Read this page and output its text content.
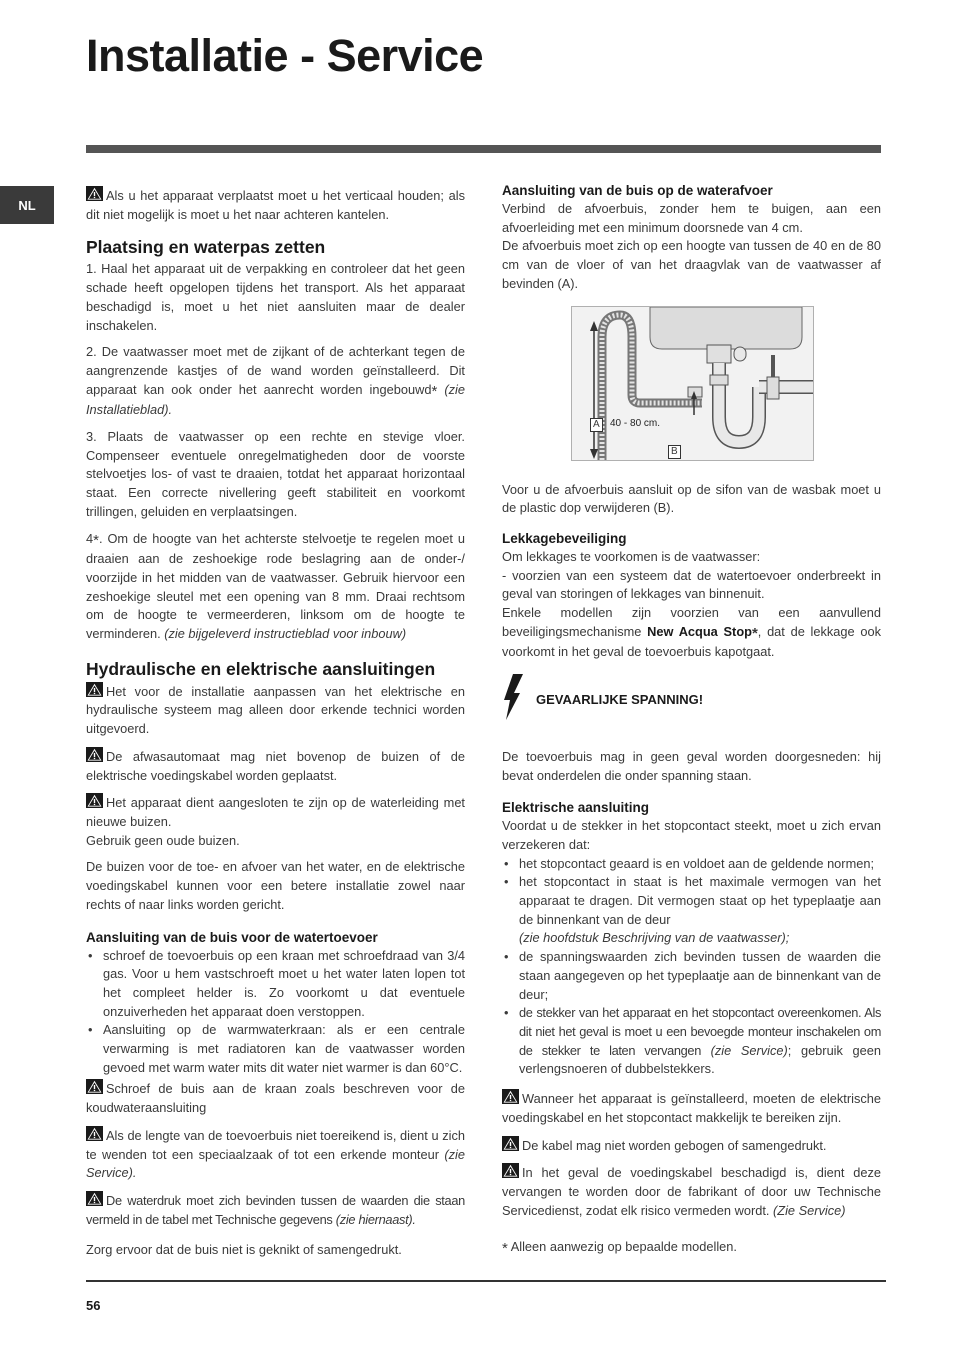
Installatie - Service
NL

Als u het apparaat verplaatst moet u het verticaal houden; als dit niet mogelijk is moet u het naar achteren kantelen.

Plaatsing en waterpas zetten

1. Haal het apparaat uit de verpakking en controleer dat het geen schade heeft opgelopen tijdens het transport. Als het apparaat beschadigd is, moet u het niet aansluiten maar de dealer inschakelen.

2. De vaatwasser moet met de zijkant of de achterkant tegen de aangrenzende kastjes of de wand worden geïnstalleerd. Dit apparaat kan ook onder het aanrecht worden ingebouwd* (zie Installatieblad).

3. Plaats de vaatwasser op een rechte en stevige vloer. Compenseer eventuele onregelmatigheden door de voorste stelvoetjes los- of vast te draaien, totdat het apparaat horizontaal staat. Een correcte nivellering geeft stabiliteit en voorkomt trillingen, geluiden en verplaatsingen.

4*. Om de hoogte van het achterste stelvoetje te regelen moet u draaien aan de zeshoekige rode beslagring aan de onder-/ voorzijde in het midden van de vaatwasser. Gebruik hiervoor een zeshoekige sleutel met een opening van 8 mm. Draai rechtsom om de hoogte te vermeerderen, linksom om de hoogte te verminderen. (zie bijgeleverd instructieblad voor inbouw)

Hydraulische en elektrische aansluitingen

Het voor de installatie aanpassen van het elektrische en hydraulische systeem mag alleen door erkende technici worden uitgevoerd.

De afwasautomaat mag niet bovenop de buizen of de elektrische voedingskabel worden geplaatst.

Het apparaat dient aangesloten te zijn op de waterleiding met nieuwe buizen.

Gebruik geen oude buizen.

De buizen voor de toe- en afvoer van het water, en de elektrische voedingskabel kunnen voor een betere installatie zowel naar rechts of naar links worden gericht.

Aansluiting van de buis voor de watertoevoer
• schroef de toevoerbuis op een kraan met schroefdraad van 3/4 gas. Voor u hem vastschroeft moet u het water laten lopen tot het compleet helder is. Zo voorkomt u dat eventuele onzuiverheden het apparaat doen verstoppen.
• Aansluiting op de warmwaterkraan: als er een centrale verwarming is met radiatoren kan de vaatwasser worden gevoed met warm water mits dit water niet warmer is dan 60°C.

Schroef de buis aan de kraan zoals beschreven voor de koudwateraansluiting

Als de lengte van de toevoerbuis niet toereikend is, dient u zich te wenden tot een speciaalzaak of tot een erkende monteur (zie Service).

De waterdruk moet zich bevinden tussen de waarden die staan vermeld in de tabel met Technische gegevens (zie hiernaast).

Zorg ervoor dat de buis niet is geknikt of samengedrukt.

Aansluiting van de buis op de waterafvoer

Verbind de afvoerbuis, zonder hem te buigen, aan een afvoerleiding met een minimum doorsnede van 4 cm.

De afvoerbuis moet zich op een hoogte van tussen de 40 en de 80 cm van de vloer of van het draagvlak van de vaatwasser af bevinden (A).

A	40 - 80 cm.
B

Voor u de afvoerbuis aansluit op de sifon van de wasbak moet u de plastic dop verwijderen (B).

Lekkagebeveiliging

Om lekkages te voorkomen is de vaatwasser:

- voorzien van een systeem dat de watertoevoer onderbreekt in geval van storingen of lekkages van binnenuit.

Enkele modellen zijn voorzien van een aanvullend beveiligingsmechanisme New Acqua Stop*, dat de lekkage ook voorkomt in het geval de toevoerbuis kapotgaat.

GEVAARLIJKE SPANNING!

De toevoerbuis mag in geen geval worden doorgesneden: hij bevat onderdelen die onder spanning staan.

Elektrische aansluiting

Voordat u de stekker in het stopcontact steekt, moet u zich ervan verzekeren dat:

• het stopcontact geaard is en voldoet aan de geldende normen;
• het stopcontact in staat is het maximale vermogen van het apparaat te dragen. Dit vermogen staat op het typeplaatje aan de binnenkant van de deur
(zie hoofdstuk Beschrijving van de vaatwasser);
• de spanningswaarden zich bevinden tussen de waarden die staan aangegeven op het typeplaatje aan de binnenkant van de deur;
• de stekker van het apparaat en het stopcontact overeenkomen. Als dit niet het geval is moet u een bevoegde monteur inschakelen om de stekker te laten vervangen (zie Service); gebruik geen verlengsnoeren of dubbelstekkers.

Wanneer het apparaat is geïnstalleerd, moeten de elektrische voedingskabel en het stopcontact makkelijk te bereiken zijn.

De kabel mag niet worden gebogen of samengedrukt.

In het geval de voedingskabel beschadigd is, dient deze vervangen te worden door de fabrikant of door uw Technische Servicedienst, zodat elk risico vermeden wordt. (Zie Service)

* Alleen aanwezig op bepaalde modellen.

56
